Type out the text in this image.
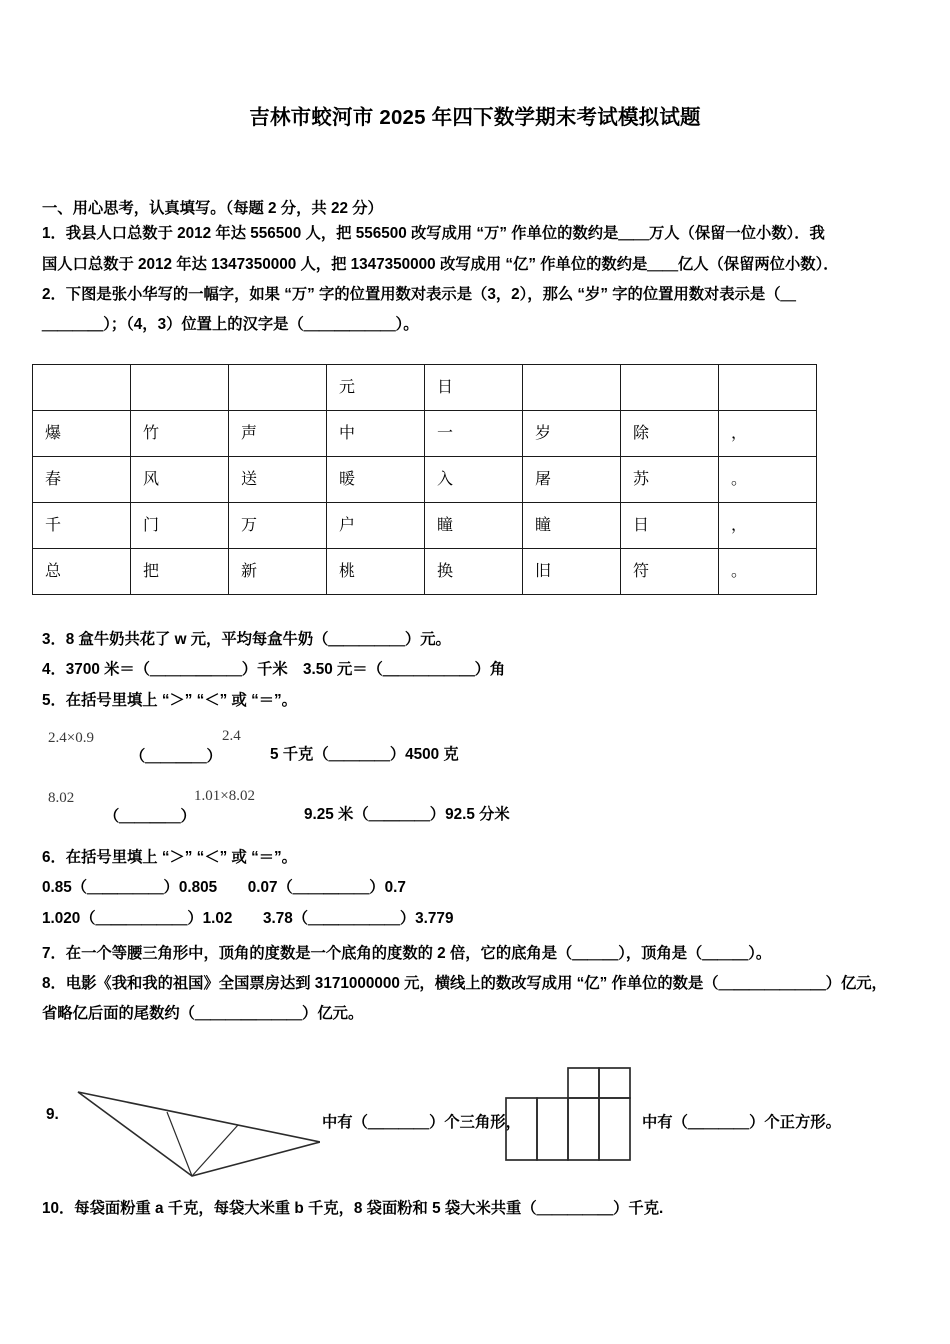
吉林市蛟河市 2025 年四下数学期末考试模拟试题
一、用心思考，认真填写。（每题 2 分，共 22 分）
1．我县人口总数于 2012 年达 556500 人，把 556500 改写成用 “万” 作单位的数约是＿＿万人（保留一位小数）．我
国人口总数于 2012 年达 1347350000 人，把 1347350000 改写成用 “亿” 作单位的数约是＿＿亿人（保留两位小数）．
2．下图是张小华写的一幅字，如果 “万” 字的位置用数对表示是（3，2），那么 “岁” 字的位置用数对表示是（＿
＿＿＿＿）；（4，3）位置上的汉字是（＿＿＿＿＿＿）。
			元	日			
爆	竹	声	中	一	岁	除	，
春	风	送	暖	入	屠	苏	。
千	门	万	户	瞳	瞳	日	，
总	把	新	桃	换	旧	符	。
3．8 盒牛奶共花了 w 元，平均每盒牛奶（＿＿＿＿＿）元。
4．3700 米＝（＿＿＿＿＿＿）千米　3.50 元＝（＿＿＿＿＿＿）角
5．在括号里填上 “＞” “＜” 或 “＝”。
2.4×0.9
（＿＿＿＿）
2.4
5 千克（＿＿＿＿）4500 克
8.02
（＿＿＿＿）
1.01×8.02
9.25 米（＿＿＿＿）92.5 分米
6．在括号里填上 “＞” “＜” 或 “＝”。
0.85（＿＿＿＿＿）0.805　　0.07（＿＿＿＿＿）0.7
1.020（＿＿＿＿＿＿）1.02　　3.78（＿＿＿＿＿＿）3.779
7．在一个等腰三角形中，顶角的度数是一个底角的度数的 2 倍，它的底角是（＿＿＿），顶角是（＿＿＿）。
8．电影《我和我的祖国》全国票房达到 3171000000 元，横线上的数改写成用 “亿” 作单位的数是（＿＿＿＿＿＿＿）亿元，
省略亿后面的尾数约（＿＿＿＿＿＿＿）亿元。
9.	中有（＿＿＿＿）个三角形，	中有（＿＿＿＿）个正方形。
10．每袋面粉重 a 千克，每袋大米重 b 千克，8 袋面粉和 5 袋大米共重（＿＿＿＿＿）千克.
